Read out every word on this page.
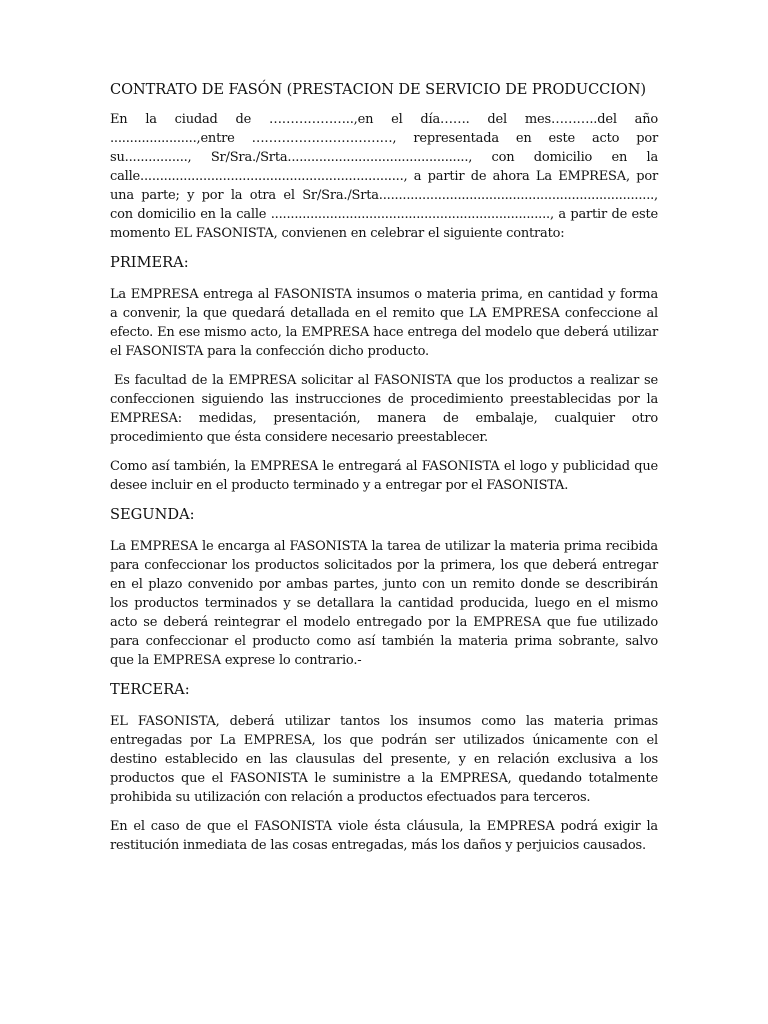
CONTRATO DE FASÓN (PRESTACION DE SERVICIO DE PRODUCCION)

En la ciudad de ………………..,en el día……. del mes………..del año ......................,entre ……………………………, representada en este acto por su................, Sr/Sra./Srta.............................................., con domicilio en la calle..................................................................., a partir de ahora La EMPRESA, por una parte; y por la otra el Sr/Sra./Srta......................................................................, con domicilio en la calle ......................................................................., a partir de este momento EL FASONISTA, convienen en celebrar el siguiente contrato:

PRIMERA:

La EMPRESA entrega al FASONISTA insumos o materia prima, en cantidad y forma a convenir, la que quedará detallada en el remito que LA EMPRESA confeccione al efecto. En ese mismo acto, la EMPRESA hace entrega del modelo que deberá utilizar el FASONISTA para la confección dicho producto.

Es facultad de la EMPRESA solicitar al FASONISTA que los productos a realizar se confeccionen siguiendo las instrucciones de procedimiento preestablecidas por la EMPRESA: medidas, presentación, manera de embalaje, cualquier otro procedimiento que ésta considere necesario preestablecer.

Como así también, la EMPRESA le entregará al FASONISTA el logo y publicidad que desee incluir en el producto terminado y a entregar por el FASONISTA.

SEGUNDA:

La EMPRESA le encarga al FASONISTA la tarea de utilizar la materia prima recibida para confeccionar los productos solicitados por la primera, los que deberá entregar en el plazo convenido por ambas partes, junto con un remito donde se describirán los productos terminados y se detallara la cantidad producida, luego en el mismo acto se deberá reintegrar el modelo entregado por la EMPRESA que fue utilizado para confeccionar el producto como así también la materia prima sobrante, salvo que la EMPRESA exprese lo contrario.-

TERCERA:

EL FASONISTA, deberá utilizar tantos los insumos como las materia primas entregadas por La EMPRESA, los que podrán ser utilizados únicamente con el destino establecido en las clausulas del presente, y en relación exclusiva a los productos que el FASONISTA le suministre a la EMPRESA, quedando totalmente prohibida su utilización con relación a productos efectuados para terceros.

En el caso de que el FASONISTA viole ésta cláusula, la EMPRESA podrá exigir la restitución inmediata de las cosas entregadas, más los daños y perjuicios causados.
